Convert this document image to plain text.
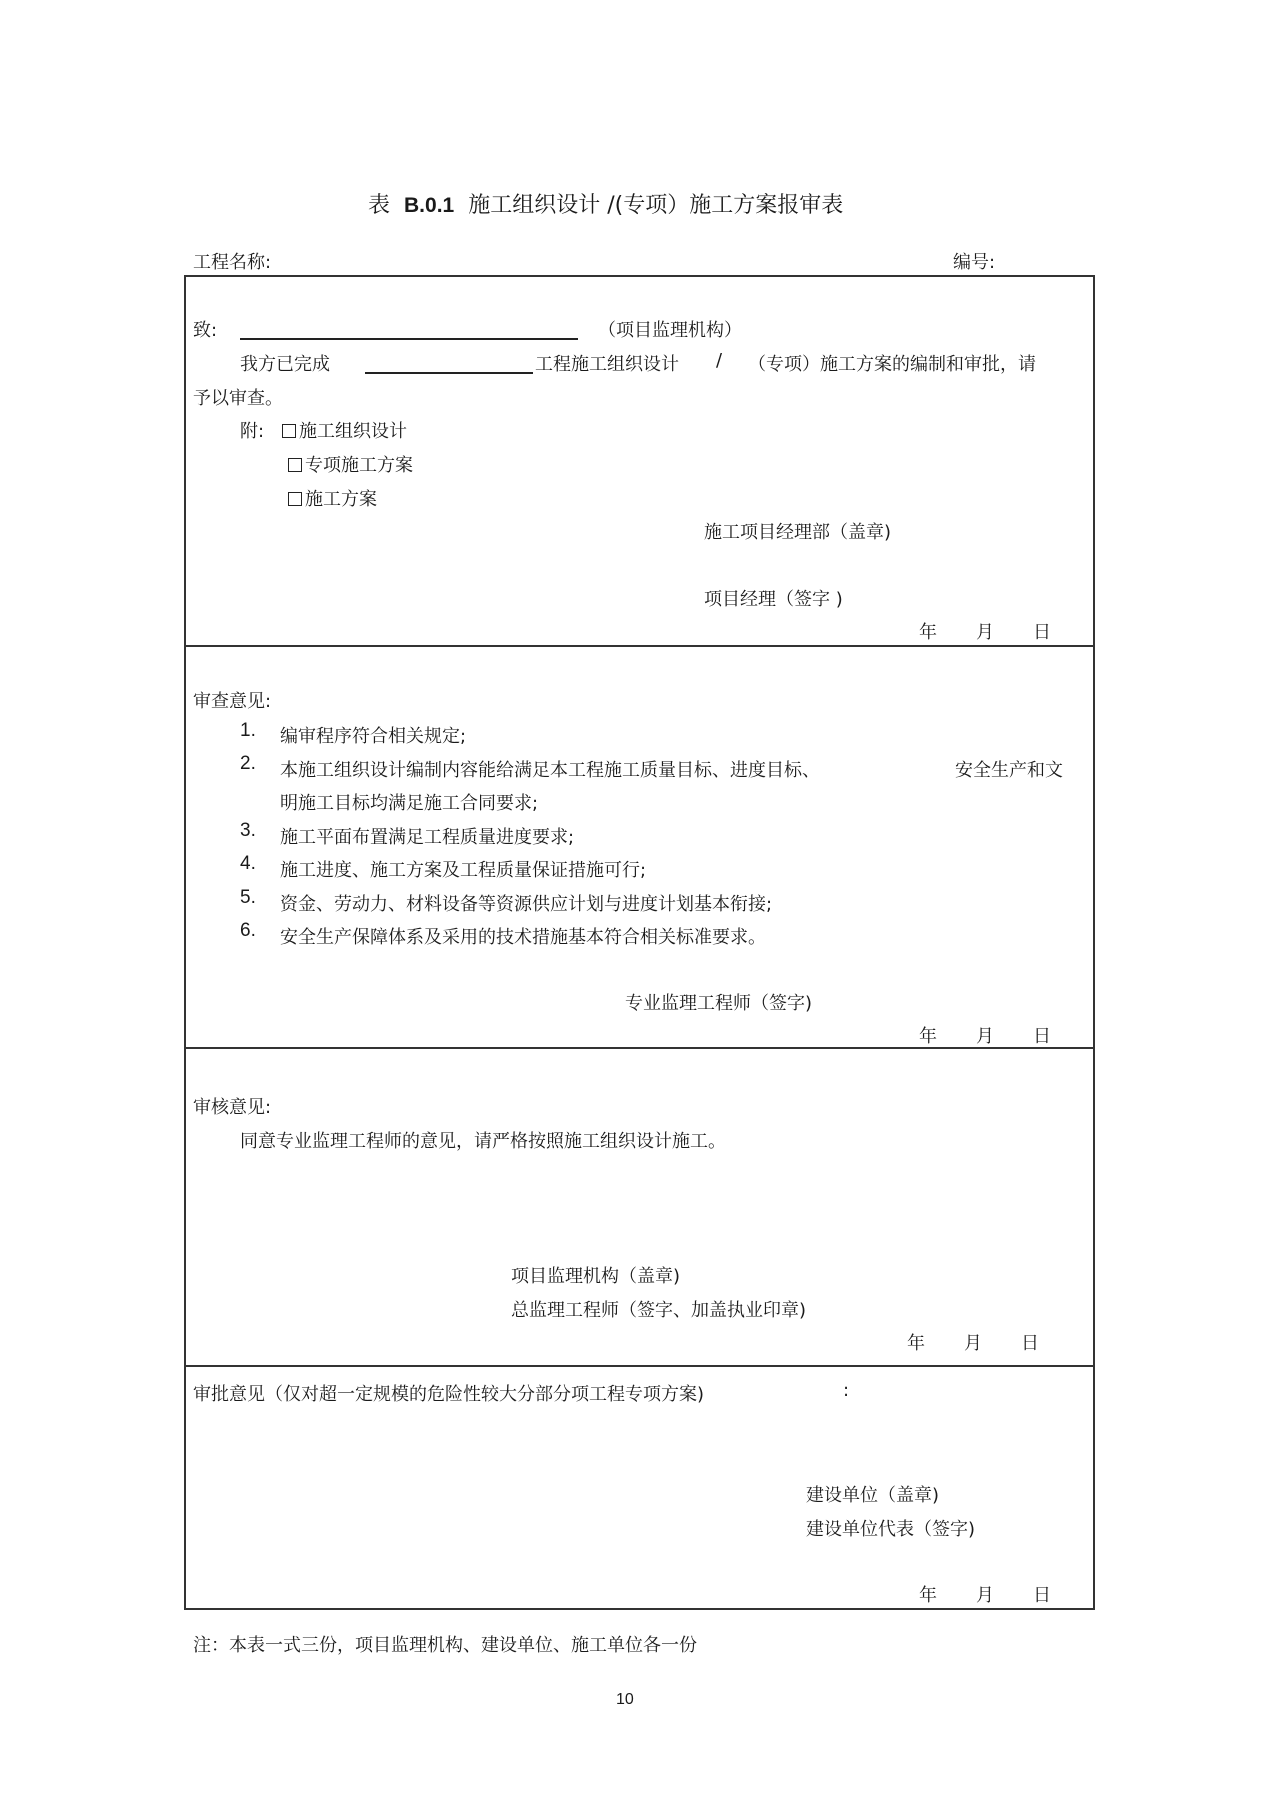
表 B.0.1 施工组织设计 /(专项）施工方案报审表
工程名称:	编号:
致:	（项目监理机构）
我方已完成	工程施工组织设计 / （专项）施工方案的编制和审批，请
予以审查。
附:	施工组织设计
专项施工方案
施工方案
施工项目经理部（盖章)
项目经理（签字 )
年 月 日
审查意见:
1. 编审程序符合相关规定;
2. 本施工组织设计编制内容能给满足本工程施工质量目标、进度目标、	安全生产和文
明施工目标均满足施工合同要求;
3. 施工平面布置满足工程质量进度要求;
4. 施工进度、施工方案及工程质量保证措施可行;
5. 资金、劳动力、材料设备等资源供应计划与进度计划基本衔接;
6. 安全生产保障体系及采用的技术措施基本符合相关标准要求。
专业监理工程师（签字)
年 月 日
审核意见:
同意专业监理工程师的意见，请严格按照施工组织设计施工。
项目监理机构（盖章)
总监理工程师（签字、加盖执业印章)
年 月 日
审批意见（仅对超一定规模的危险性较大分部分项工程专项方案)	:
建设单位（盖章)
建设单位代表（签字)
年 月 日
注：本表一式三份，项目监理机构、建设单位、施工单位各一份
10
